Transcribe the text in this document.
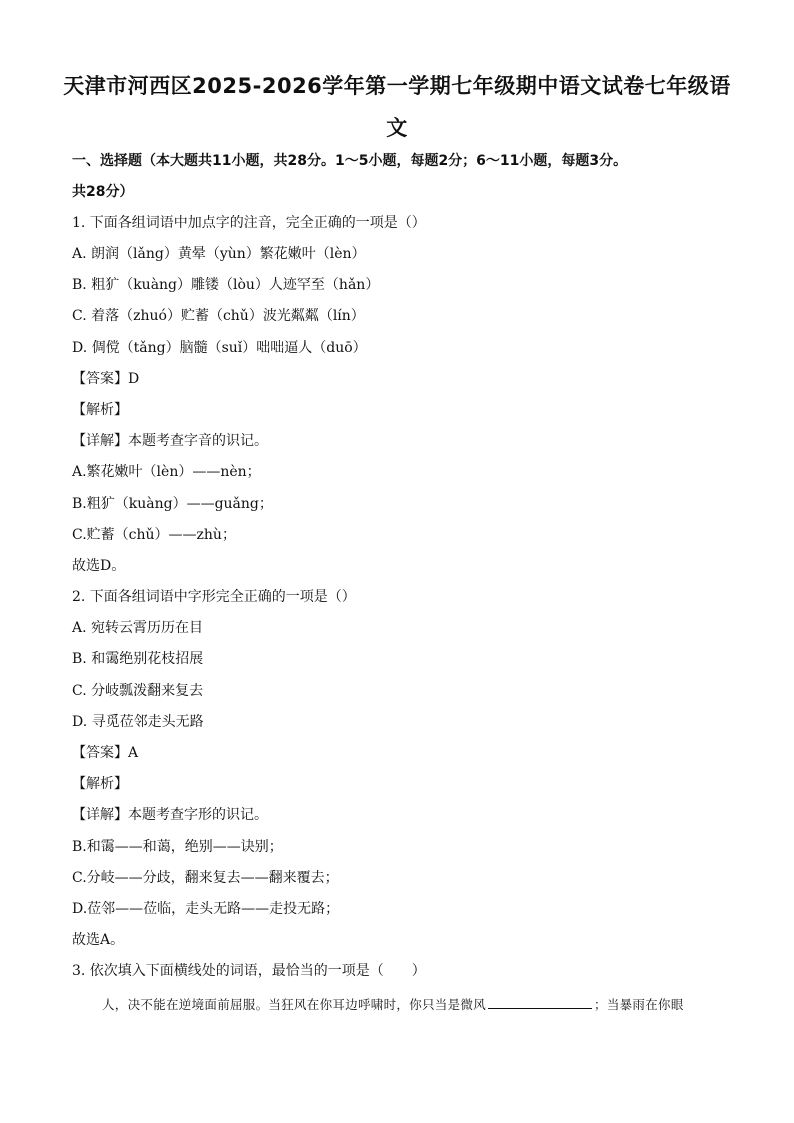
天津市河西区2025-2026学年第一学期七年级期中语文试卷七年级语
文
一、选择题（本大题共11小题，共28分。1～5小题，每题2分；6～11小题，每题3分。
共28分）
1. 下面各组词语中加点字的注音，完全正确的一项是（）
A. 朗润（lǎng）黄晕（yùn）繁花嫩叶（lèn）
B. 粗犷（kuàng）雕镂（lòu）人迹罕至（hǎn）
C. 着落（zhuó）贮蓄（chǔ）波光粼粼（lín）
D. 倜傥（tǎng）脑髓（suǐ）咄咄逼人（duō）
【答案】D
【解析】
【详解】本题考查字音的识记。
A.繁花嫩叶（lèn）——nèn；
B.粗犷（kuàng）——guǎng；
C.贮蓄（chǔ）——zhù；
故选D。
2. 下面各组词语中字形完全正确的一项是（）
A. 宛转云霄历历在目
B. 和霭绝别花枝招展
C. 分岐瓢泼翻来复去
D. 寻觅莅邻走头无路
【答案】A
【解析】
【详解】本题考查字形的识记。
B.和霭——和蔼，绝别——诀别；
C.分岐——分歧，翻来复去——翻来覆去；
D.莅邻——莅临，走头无路——走投无路；
故选A。
3. 依次填入下面横线处的词语，最恰当的一项是（　　）
人，决不能在逆境面前屈服。当狂风在你耳边呼啸时，你只当是微风	；当暴雨在你眼
